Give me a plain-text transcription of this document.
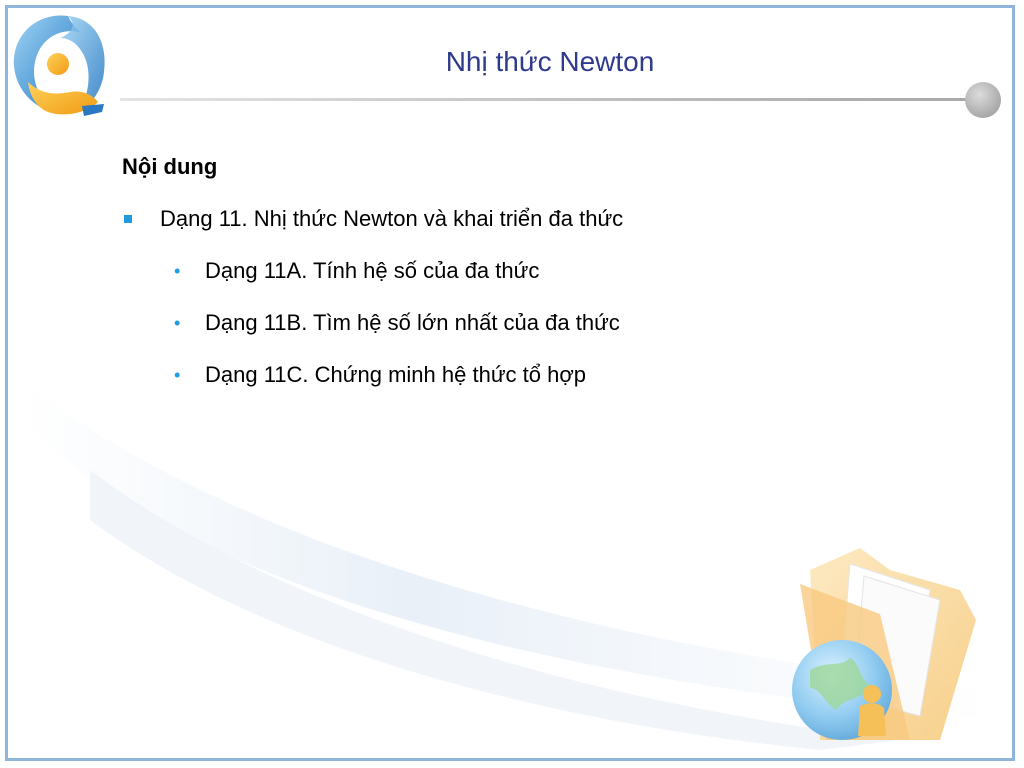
Nhị thức Newton
Nội dung
Dạng 11. Nhị thức Newton và khai triển đa thức
• Dạng 11A. Tính hệ số của đa thức
• Dạng 11B. Tìm hệ số lớn nhất của đa thức
• Dạng 11C. Chứng minh hệ thức tổ hợp
